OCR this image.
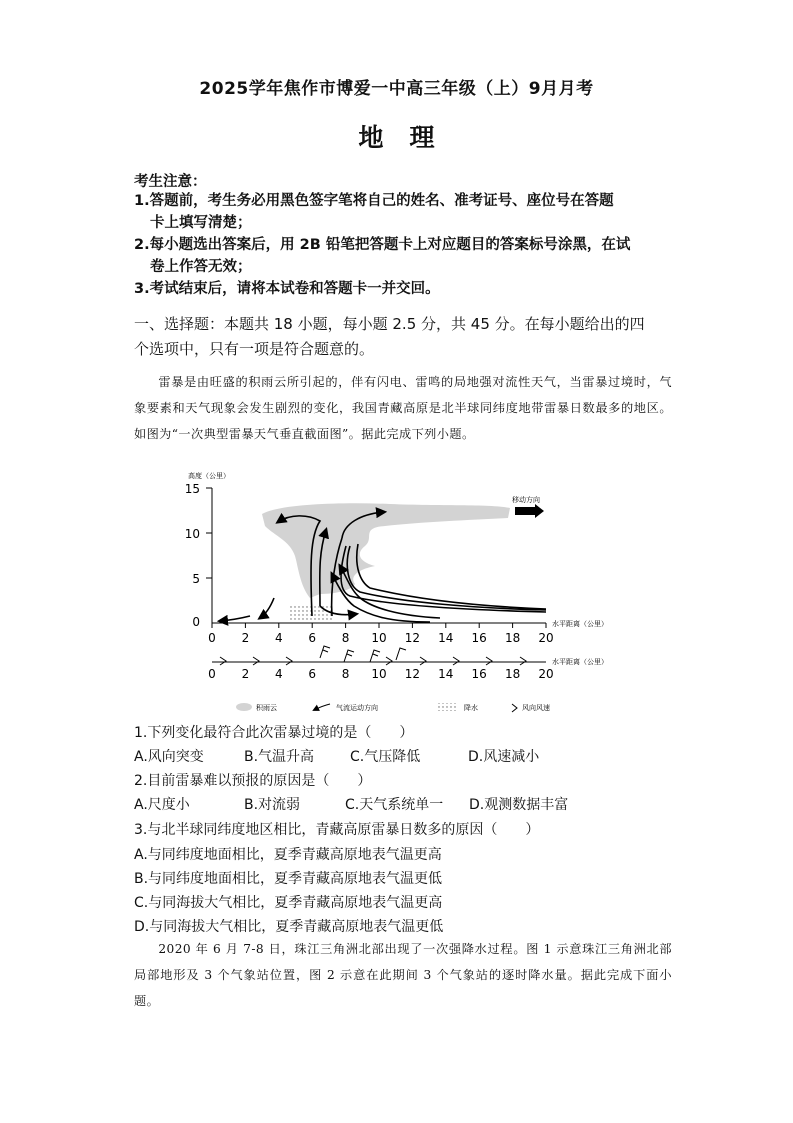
2025学年焦作市博爱一中高三年级（上）9月月考
地理
考生注意：
1.答题前，考生务必用黑色签字笔将自己的姓名、准考证号、座位号在答题
卡上填写清楚；
2.每小题选出答案后，用 2B 铅笔把答题卡上对应题目的答案标号涂黑，在试
卷上作答无效；
3.考试结束后，请将本试卷和答题卡一并交回。
一、选择题：本题共 18 小题，每小题 2.5 分，共 45 分。在每小题给出的四
个选项中，只有一项是符合题意的。

雷暴是由旺盛的积雨云所引起的，伴有闪电、雷鸣的局地强对流性天气，当雷暴过境时，气象要素和天气现象会发生剧烈的变化，我国青藏高原是北半球同纬度地带雷暴日数最多的地区。如图为“一次典型雷暴天气垂直截面图”。据此完成下列小题。

高度（公里）
15
10
5
0
移动方向
0 2 4 6 8 10 12 14 16 18 20
水平距离（公里）
0 2 4 6 8 10 12 14 16 18 20
水平距离（公里）
积雨云	气流运动方向	降水	风向风速
1.下列变化最符合此次雷暴过境的是（　　）
A.风向突变	B.气温升高	C.气压降低	D.风速减小
2.目前雷暴难以预报的原因是（　　）
A.尺度小	B.对流弱	C.天气系统单一	D.观测数据丰富
3.与北半球同纬度地区相比，青藏高原雷暴日数多的原因（　　）
A.与同纬度地面相比，夏季青藏高原地表气温更高
B.与同纬度地面相比，夏季青藏高原地表气温更低
C.与同海拔大气相比，夏季青藏高原地表气温更高
D.与同海拔大气相比，夏季青藏高原地表气温更低

2020 年 6 月 7-8 日，珠江三角洲北部出现了一次强降水过程。图 1 示意珠江三角洲北部局部地形及 3 个气象站位置，图 2 示意在此期间 3 个气象站的逐时降水量。据此完成下面小题。
